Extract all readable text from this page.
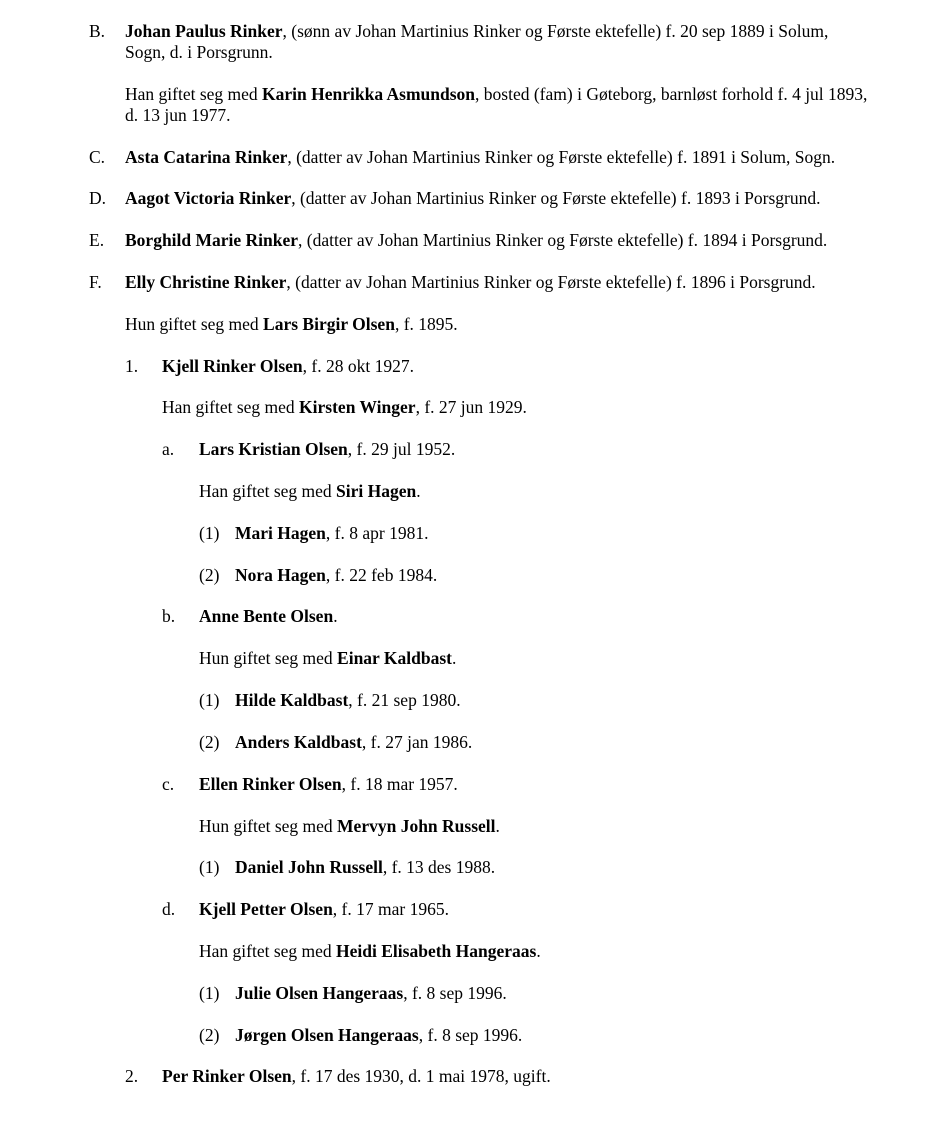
B. Johan Paulus Rinker, (sønn av Johan Martinius Rinker og Første ektefelle) f. 20 sep 1889 i Solum, Sogn, d. i Porsgrunn.
Han giftet seg med Karin Henrikka Asmundson, bosted (fam) i Gøteborg, barnløst forhold f. 4 jul 1893, d. 13 jun 1977.
C. Asta Catarina Rinker, (datter av Johan Martinius Rinker og Første ektefelle) f. 1891 i Solum, Sogn.
D. Aagot Victoria Rinker, (datter av Johan Martinius Rinker og Første ektefelle) f. 1893 i Porsgrund.
E. Borghild Marie Rinker, (datter av Johan Martinius Rinker og Første ektefelle) f. 1894 i Porsgrund.
F. Elly Christine Rinker, (datter av Johan Martinius Rinker og Første ektefelle) f. 1896 i Porsgrund.
Hun giftet seg med Lars Birgir Olsen, f. 1895.
1. Kjell Rinker Olsen, f. 28 okt 1927.
Han giftet seg med Kirsten Winger, f. 27 jun 1929.
a. Lars Kristian Olsen, f. 29 jul 1952.
Han giftet seg med Siri Hagen.
(1) Mari Hagen, f. 8 apr 1981.
(2) Nora Hagen, f. 22 feb 1984.
b. Anne Bente Olsen.
Hun giftet seg med Einar Kaldbast.
(1) Hilde Kaldbast, f. 21 sep 1980.
(2) Anders Kaldbast, f. 27 jan 1986.
c. Ellen Rinker Olsen, f. 18 mar 1957.
Hun giftet seg med Mervyn John Russell.
(1) Daniel John Russell, f. 13 des 1988.
d. Kjell Petter Olsen, f. 17 mar 1965.
Han giftet seg med Heidi Elisabeth Hangeraas.
(1) Julie Olsen Hangeraas, f. 8 sep 1996.
(2) Jørgen Olsen Hangeraas, f. 8 sep 1996.
2. Per Rinker Olsen, f. 17 des 1930, d. 1 mai 1978, ugift.
